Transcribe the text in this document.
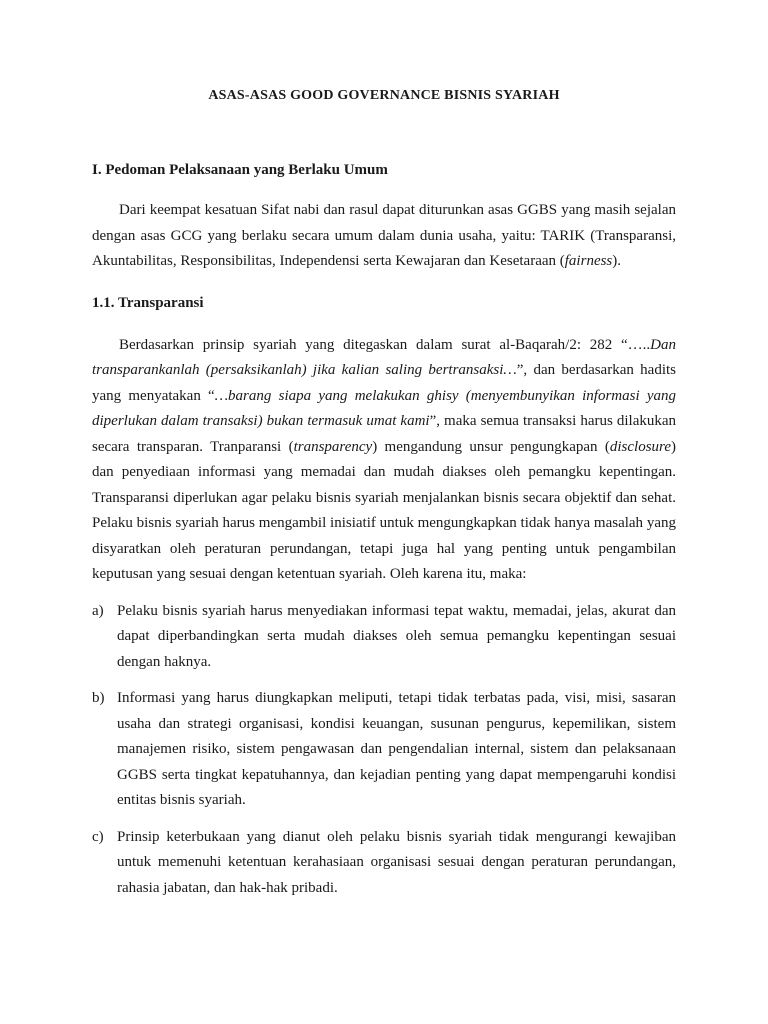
ASAS-ASAS GOOD GOVERNANCE BISNIS SYARIAH
I. Pedoman Pelaksanaan yang Berlaku Umum

Dari keempat kesatuan Sifat nabi dan rasul dapat diturunkan asas GGBS yang masih sejalan dengan asas GCG yang berlaku secara umum dalam dunia usaha, yaitu: TARIK (Transparansi, Akuntabilitas, Responsibilitas, Independensi serta Kewajaran dan Kesetaraan (fairness).

1.1. Transparansi

Berdasarkan prinsip syariah yang ditegaskan dalam surat al-Baqarah/2: 282 “…..Dan transparankanlah (persaksikanlah) jika kalian saling bertransaksi…”, dan berdasarkan hadits yang menyatakan “…barang siapa yang melakukan ghisy (menyembunyikan informasi yang diperlukan dalam transaksi) bukan termasuk umat kami”, maka semua transaksi harus dilakukan secara transparan. Tranparansi (transparency) mengandung unsur pengungkapan (disclosure) dan penyediaan informasi yang memadai dan mudah diakses oleh pemangku kepentingan. Transparansi diperlukan agar pelaku bisnis syariah menjalankan bisnis secara objektif dan sehat. Pelaku bisnis syariah harus mengambil inisiatif untuk mengungkapkan tidak hanya masalah yang disyaratkan oleh peraturan perundangan, tetapi juga hal yang penting untuk pengambilan keputusan yang sesuai dengan ketentuan syariah. Oleh karena itu, maka:

a) Pelaku bisnis syariah harus menyediakan informasi tepat waktu, memadai, jelas, akurat dan dapat diperbandingkan serta mudah diakses oleh semua pemangku kepentingan sesuai dengan haknya.
b) Informasi yang harus diungkapkan meliputi, tetapi tidak terbatas pada, visi, misi, sasaran usaha dan strategi organisasi, kondisi keuangan, susunan pengurus, kepemilikan, sistem manajemen risiko, sistem pengawasan dan pengendalian internal, sistem dan pelaksanaan GGBS serta tingkat kepatuhannya, dan kejadian penting yang dapat mempengaruhi kondisi entitas bisnis syariah.
c) Prinsip keterbukaan yang dianut oleh pelaku bisnis syariah tidak mengurangi kewajiban untuk memenuhi ketentuan kerahasiaan organisasi sesuai dengan peraturan perundangan, rahasia jabatan, dan hak-hak pribadi.
